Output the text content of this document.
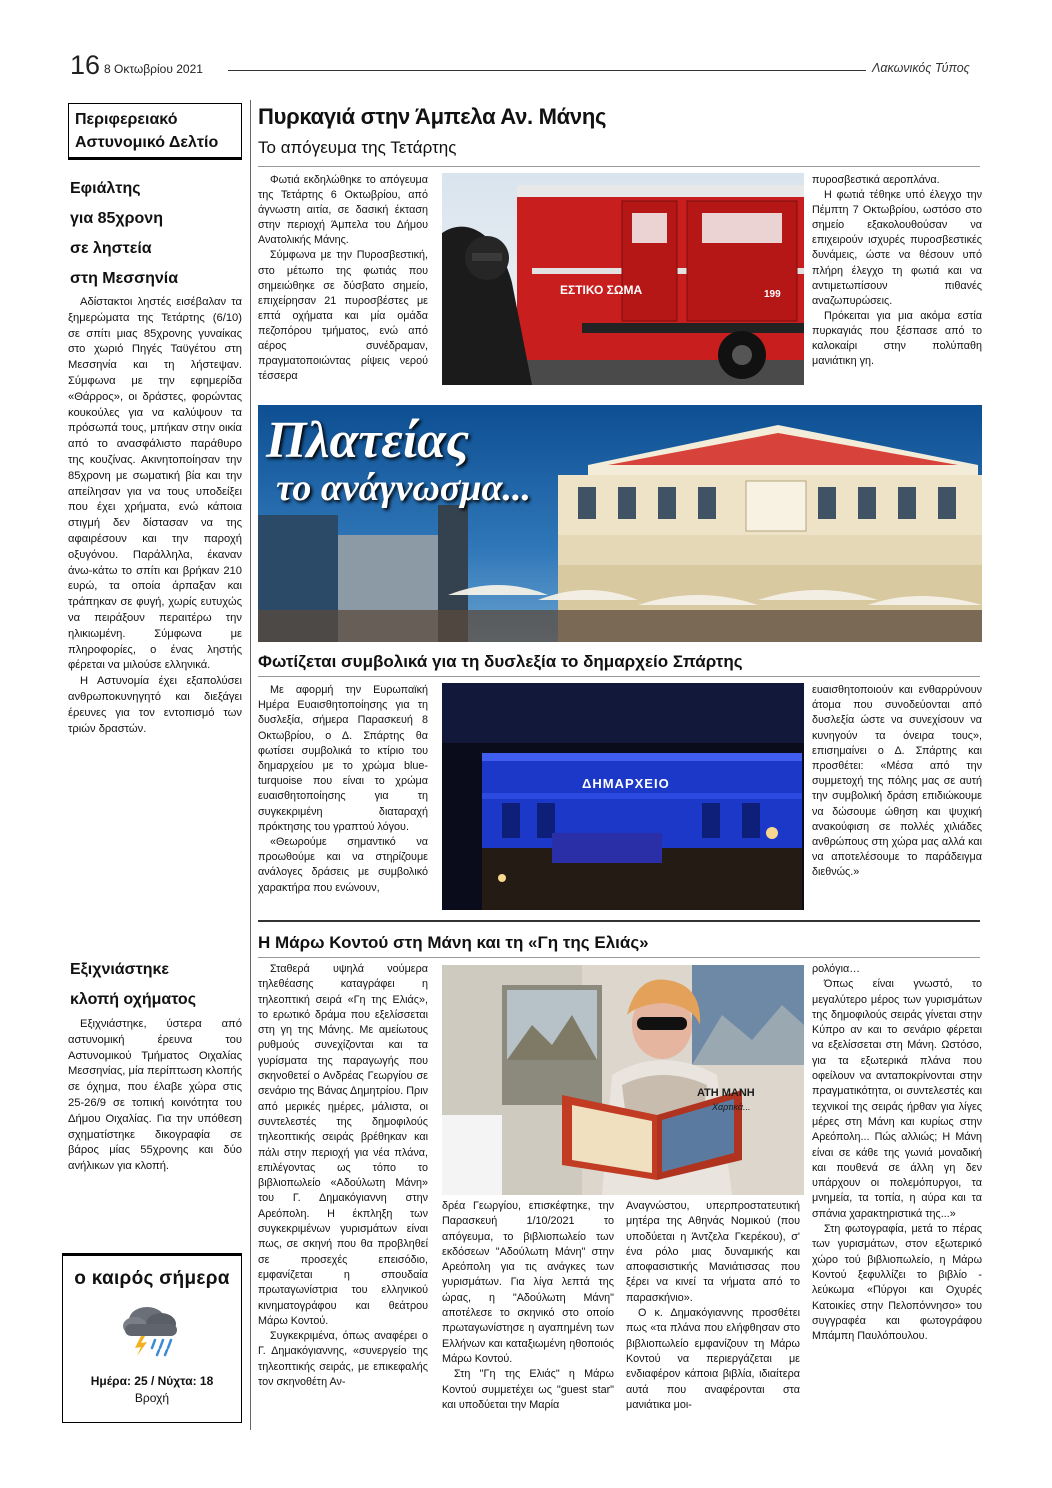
16 8 Οκτωβρίου 2021	Λακωνικός Τύπος
Περιφερειακό
Αστυνομικό Δελτίο
Εφιάλτης
για 85χρονη
σε ληστεία
στη Μεσσηνία

Αδίστακτοι ληστές εισέβαλαν τα ξημερώματα της Τετάρτης (6/10) σε σπίτι μιας 85χρονης γυναίκας στο χωριό Πηγές Ταϋγέτου στη Μεσσηνία και τη λήστεψαν. Σύμφωνα με την εφημερίδα «Θάρρος», οι δράστες, φορώντας κουκούλες για να καλύψουν τα πρόσωπά τους, μπήκαν στην οικία από το ανασφάλιστο παράθυρο της κουζίνας. Ακινητοποίησαν την 85χρονη με σωματική βία και την απείλησαν για να τους υποδείξει που έχει χρήματα, ενώ κάποια στιγμή δεν δίστασαν να της αφαιρέσουν και την παροχή οξυγόνου. Παράλληλα, έκαναν άνω-κάτω το σπίτι και βρήκαν 210 ευρώ, τα οποία άρπαξαν και τράπηκαν σε φυγή, χωρίς ευτυχώς να πειράξουν περαιτέρω την ηλικιωμένη. Σύμφωνα με πληροφορίες, ο ένας ληστής φέρεται να μιλούσε ελληνικά.

Η Αστυνομία έχει εξαπολύσει ανθρωποκυνηγητό και διεξάγει έρευνες για τον εντοπισμό των τριών δραστών.

Εξιχνιάστηκε
κλοπή οχήματος

Εξιχνιάστηκε, ύστερα από αστυνομική έρευνα του Αστυνομικού Τμήματος Οιχαλίας Μεσσηνίας, μία περίπτωση κλοπής σε όχημα, που έλαβε χώρα στις 25-26/9 σε τοπική κοινότητα του Δήμου Οιχαλίας. Για την υπόθεση σχηματίστηκε δικογραφία σε βάρος μίας 55χρονης και δύο ανήλικων για κλοπή.

ο καιρός σήμερα
Ημέρα: 25 / Νύχτα: 18
Βροχή
Πυρκαγιά στην Άμπελα Αν. Μάνης
Το απόγευμα της Τετάρτης

Φωτιά εκδηλώθηκε το απόγευμα της Τετάρτης 6 Οκτωβρίου, από άγνωστη αιτία, σε δασική έκταση στην περιοχή Άμπελα του Δήμου Ανατολικής Μάνης.

Σύμφωνα με την Πυροσβεστική, στο μέτωπο της φωτιάς που σημειώθηκε σε δύσβατο σημείο, επιχείρησαν 21 πυροσβέστες με επτά οχήματα και μία ομάδα πεζοπόρου τμήματος, ενώ από αέρος συνέδραμαν, πραγματοποιώντας ρίψεις νερού τέσσερα

ΕΣΤΙΚΟ ΣΩΜΑ	199

πυροσβεστικά αεροπλάνα.

Η φωτιά τέθηκε υπό έλεγχο την Πέμπτη 7 Οκτωβρίου, ωστόσο στο σημείο εξακολουθούσαν να επιχειρούν ισχυρές πυροσβεστικές δυνάμεις, ώστε να θέσουν υπό πλήρη έλεγχο τη φωτιά και να αντιμετωπίσουν πιθανές αναζωπυρώσεις.

Πρόκειται για μια ακόμα εστία πυρκαγιάς που ξέσπασε από το καλοκαίρι στην πολύπαθη μανιάτικη γη.

Πλατείας
το ανάγνωσμα...
Φωτίζεται συμβολικά για τη δυσλεξία το δημαρχείο Σπάρτης

Με αφορμή την Ευρωπαϊκή Ημέρα Ευαισθητοποίησης για τη δυσλεξία, σήμερα Παρασκευή 8 Οκτωβρίου, ο Δ. Σπάρτης θα φωτίσει συμβολικά το κτίριο του δημαρχείου με το χρώμα blue-turquoise που είναι το χρώμα ευαισθητοποίησης για τη συγκεκριμένη διαταραχή πρόκτησης του γραπτού λόγου.

«Θεωρούμε σημαντικό να προωθούμε και να στηρίζουμε ανάλογες δράσεις με συμβολικό χαρακτήρα που ενώνουν,

ΔΗΜΑΡΧΕΙΟ

ευαισθητοποιούν και ενθαρρύνουν άτομα που συνοδεύονται από δυσλεξία ώστε να συνεχίσουν να κυνηγούν τα όνειρα τους», επισημαίνει ο Δ. Σπάρτης και προσθέτει: «Μέσα από την συμμετοχή της πόλης μας σε αυτή την συμβολική δράση επιδιώκουμε να δώσουμε ώθηση και ψυχική ανακούφιση σε πολλές χιλιάδες ανθρώπους στη χώρα μας αλλά και να αποτελέσουμε το παράδειγμα διεθνώς.»

Η Μάρω Κοντού στη Μάνη και τη «Γη της Ελιάς»

Σταθερά υψηλά νούμερα τηλεθέασης καταγράφει η τηλεοπτική σειρά «Γη της Ελιάς», το ερωτικό δράμα που εξελίσσεται στη γη της Μάνης. Με αμείωτους ρυθμούς συνεχίζονται και τα γυρίσματα της παραγωγής που σκηνοθετεί ο Ανδρέας Γεωργίου σε σενάριο της Βάνας Δημητρίου. Πριν από μερικές ημέρες, μάλιστα, οι συντελεστές της δημοφιλούς τηλεοπτικής σειράς βρέθηκαν και πάλι στην περιοχή για νέα πλάνα, επιλέγοντας ως τόπο το βιβλιοπωλείο «Αδούλωτη Μάνη» του Γ. Δημακόγιαννη στην Αρεόπολη. Η έκπληξη των συγκεκριμένων γυρισμάτων είναι πως, σε σκηνή που θα προβληθεί σε προσεχές επεισόδιο, εμφανίζεται η σπουδαία πρωταγωνίστρια του ελληνικού κινηματογράφου και θεάτρου Μάρω Κοντού.

Συγκεκριμένα, όπως αναφέρει ο Γ. Δημακόγιαννης, «συνεργείο της τηλεοπτικής σειράς, με επικεφαλής τον σκηνοθέτη Αν-

ΑΤΗ ΜΑΝΗ
Χαρτικά...

δρέα Γεωργίου, επισκέφτηκε, την Παρασκευή 1/10/2021 το απόγευμα, το βιβλιοπωλείο των εκδόσεων "Αδούλωτη Μάνη" στην Αρεόπολη για τις ανάγκες των γυρισμάτων. Για λίγα λεπτά της ώρας, η "Αδούλωτη Μάνη" αποτέλεσε το σκηνικό στο οποίο πρωταγωνίστησε η αγαπημένη των Ελλήνων και καταξιωμένη ηθοποιός Μάρω Κοντού.

Στη "Γη της Ελιάς" η Μάρω Κοντού συμμετέχει ως "guest star" και υποδύεται την Μαρία

Αναγνώστου, υπερπροστατευτική μητέρα της Αθηνάς Νομικού (που υποδύεται η Άντζελα Γκερέκου), σ' ένα ρόλο μιας δυναμικής και αποφασιστικής Μανιάτισσας που ξέρει να κινεί τα νήματα από το παρασκήνιο».

Ο κ. Δημακόγιαννης προσθέτει πως «τα πλάνα που ελήφθησαν στο βιβλιοπωλείο εμφανίζουν τη Μάρω Κοντού να περιεργάζεται με ενδιαφέρον κάποια βιβλία, ιδιαίτερα αυτά που αναφέρονται στα μανιάτικα μοι-

ρολόγια…

Όπως είναι γνωστό, το μεγαλύτερο μέρος των γυρισμάτων της δημοφιλούς σειράς γίνεται στην Κύπρο αν και το σενάριο φέρεται να εξελίσσεται στη Μάνη. Ωστόσο, για τα εξωτερικά πλάνα που οφείλουν να ανταποκρίνονται στην πραγματικότητα, οι συντελεστές και τεχνικοί της σειράς ήρθαν για λίγες μέρες στη Μάνη και κυρίως στην Αρεόπολη... Πώς αλλιώς; Η Μάνη είναι σε κάθε της γωνιά μοναδική και πουθενά σε άλλη γη δεν υπάρχουν οι πολεμόπυργοι, τα μνημεία, τα τοπία, η αύρα και τα σπάνια χαρακτηριστικά της...»

Στη φωτογραφία, μετά το πέρας των γυρισμάτων, στον εξωτερικό χώρο τού βιβλιοπωλείο, η Μάρω Κοντού ξεφυλλίζει το βιβλίο - λεύκωμα «Πύργοι και Οχυρές Κατοικίες στην Πελοπόννησο» του συγγραφέα και φωτογράφου Μπάμπη Παυλόπουλου.
